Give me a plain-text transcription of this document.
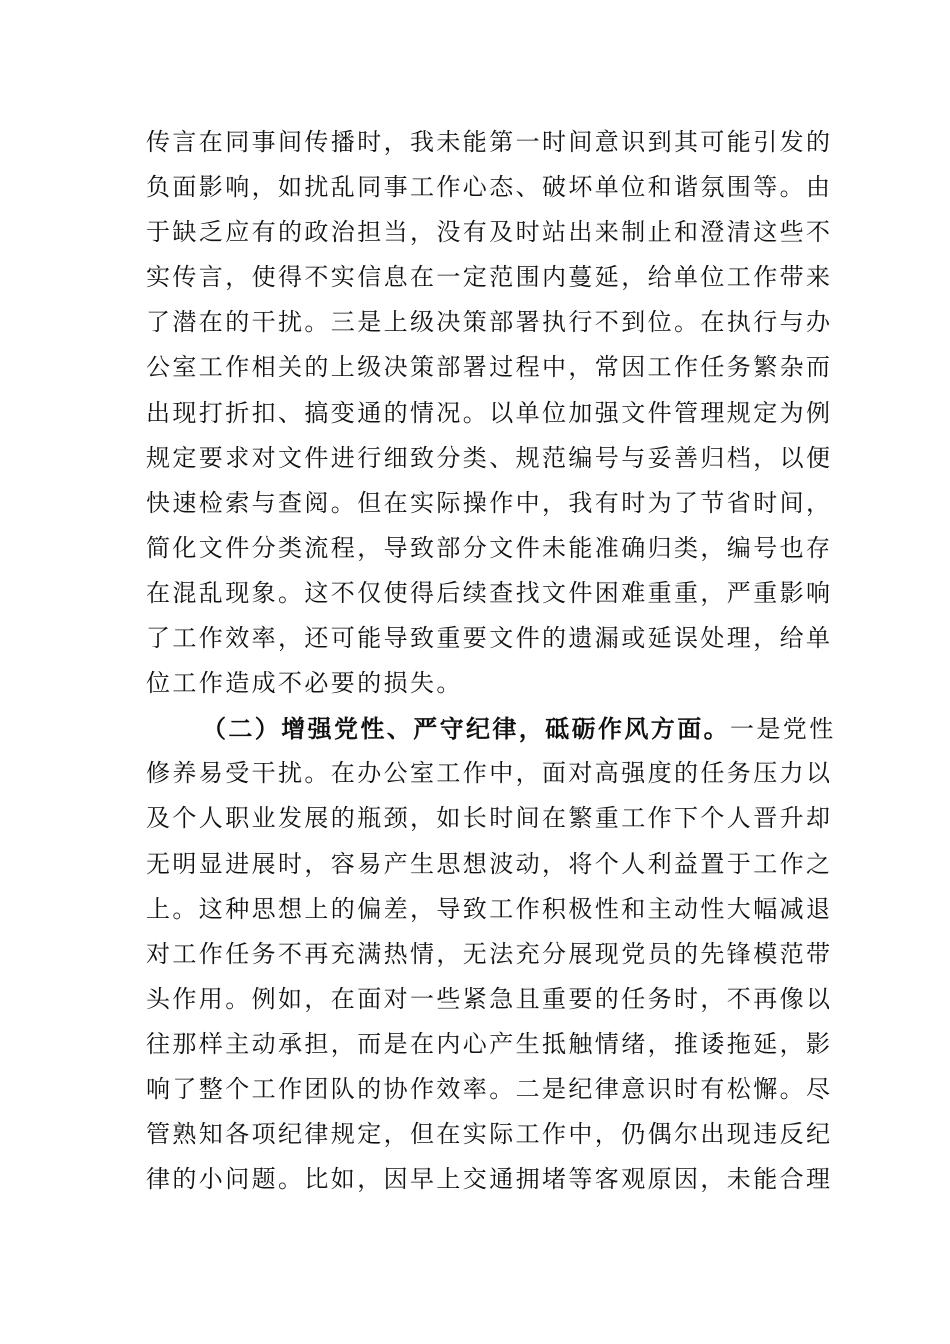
传言在同事间传播时，我未能第一时间意识到其可能引发的
负面影响，如扰乱同事工作心态、破坏单位和谐氛围等。由
于缺乏应有的政治担当，没有及时站出来制止和澄清这些不
实传言，使得不实信息在一定范围内蔓延，给单位工作带来
了潜在的干扰。三是上级决策部署执行不到位。在执行与办
公室工作相关的上级决策部署过程中，常因工作任务繁杂而
出现打折扣、搞变通的情况。以单位加强文件管理规定为例
规定要求对文件进行细致分类、规范编号与妥善归档，以便
快速检索与查阅。但在实际操作中，我有时为了节省时间，
简化文件分类流程，导致部分文件未能准确归类，编号也存
在混乱现象。这不仅使得后续查找文件困难重重，严重影响
了工作效率，还可能导致重要文件的遗漏或延误处理，给单
位工作造成不必要的损失。
（二）增强党性、严守纪律，砥砺作风方面。一是党性
修养易受干扰。在办公室工作中，面对高强度的任务压力以
及个人职业发展的瓶颈，如长时间在繁重工作下个人晋升却
无明显进展时，容易产生思想波动，将个人利益置于工作之
上。这种思想上的偏差，导致工作积极性和主动性大幅减退
对工作任务不再充满热情，无法充分展现党员的先锋模范带
头作用。例如，在面对一些紧急且重要的任务时，不再像以
往那样主动承担，而是在内心产生抵触情绪，推诿拖延，影
响了整个工作团队的协作效率。二是纪律意识时有松懈。尽
管熟知各项纪律规定，但在实际工作中，仍偶尔出现违反纪
律的小问题。比如，因早上交通拥堵等客观原因，未能合理
